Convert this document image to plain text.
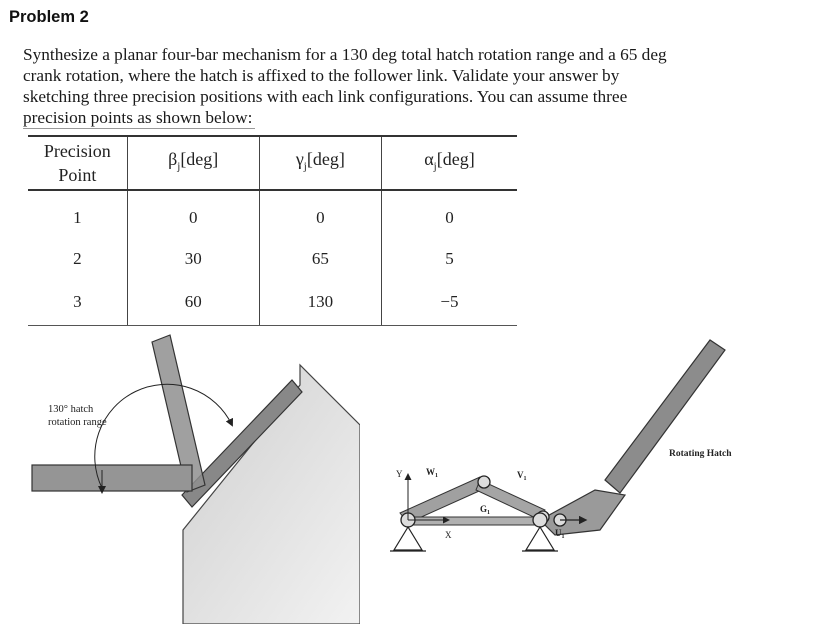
Problem 2
Synthesize a planar four-bar mechanism for a 130 deg total hatch rotation range and a 65 deg
crank rotation, where the hatch is affixed to the follower link. Validate your answer by
sketching three precision positions with each link configurations. You can assume three
precision points as shown below:
Precision
Point	$\beta_j[deg]$	$\gamma_j[deg]$	$\alpha_j[deg]$
1	0	0	0
2	30	65	5
3	60	130	−5
130° hatch
rotation range
Y
X
$W_1$	$V_1$
$G_1$
$U_1$
Rotating Hatch
